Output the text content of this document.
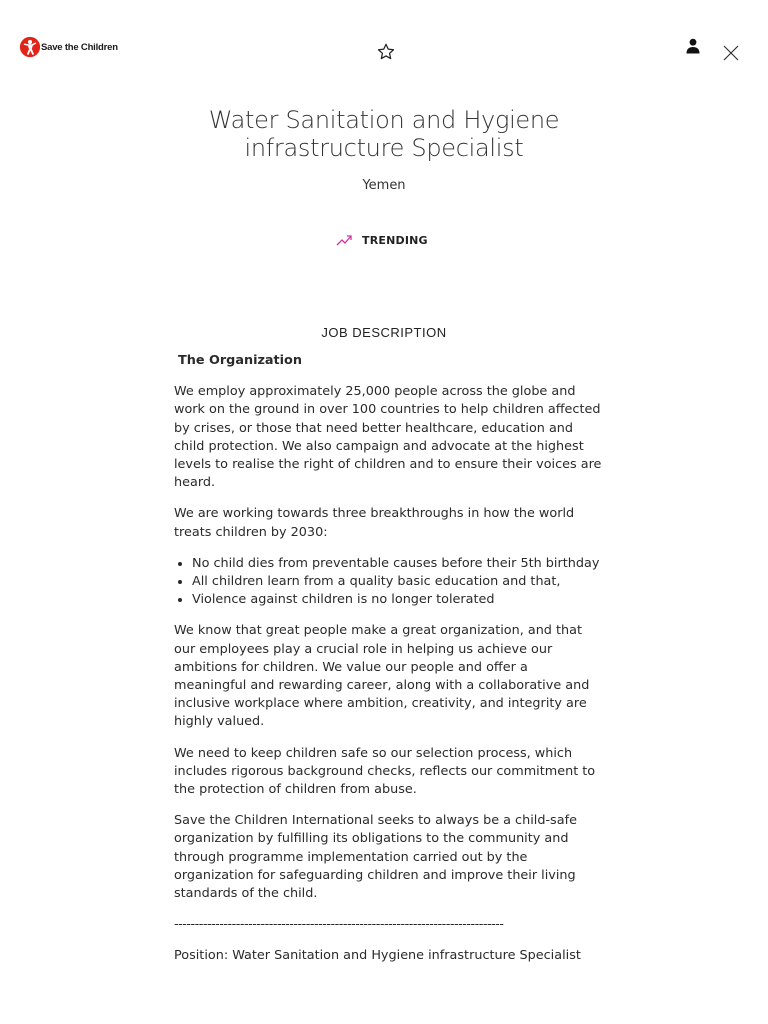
Save the Children
Water Sanitation and Hygiene
infrastructure Specialist
Yemen
TRENDING
JOB DESCRIPTION
The Organization

We employ approximately 25,000 people across the globe and work on the ground in over 100 countries to help children affected by crises, or those that need better healthcare, education and child protection. We also campaign and advocate at the highest levels to realise the right of children and to ensure their voices are heard.

We are working towards three breakthroughs in how the world treats children by 2030:

• No child dies from preventable causes before their 5th birthday
• All children learn from a quality basic education and that,
• Violence against children is no longer tolerated

We know that great people make a great organization, and that our employees play a crucial role in helping us achieve our ambitions for children. We value our people and offer a meaningful and rewarding career, along with a collaborative and inclusive workplace where ambition, creativity, and integrity are highly valued.

We need to keep children safe so our selection process, which includes rigorous background checks, reflects our commitment to the protection of children from abuse.

Save the Children International seeks to always be a child-safe organization by fulfilling its obligations to the community and through programme implementation carried out by the organization for safeguarding children and improve their living standards of the child.

--------------------------------------------------------------------------------

Position: Water Sanitation and Hygiene infrastructure Specialist
